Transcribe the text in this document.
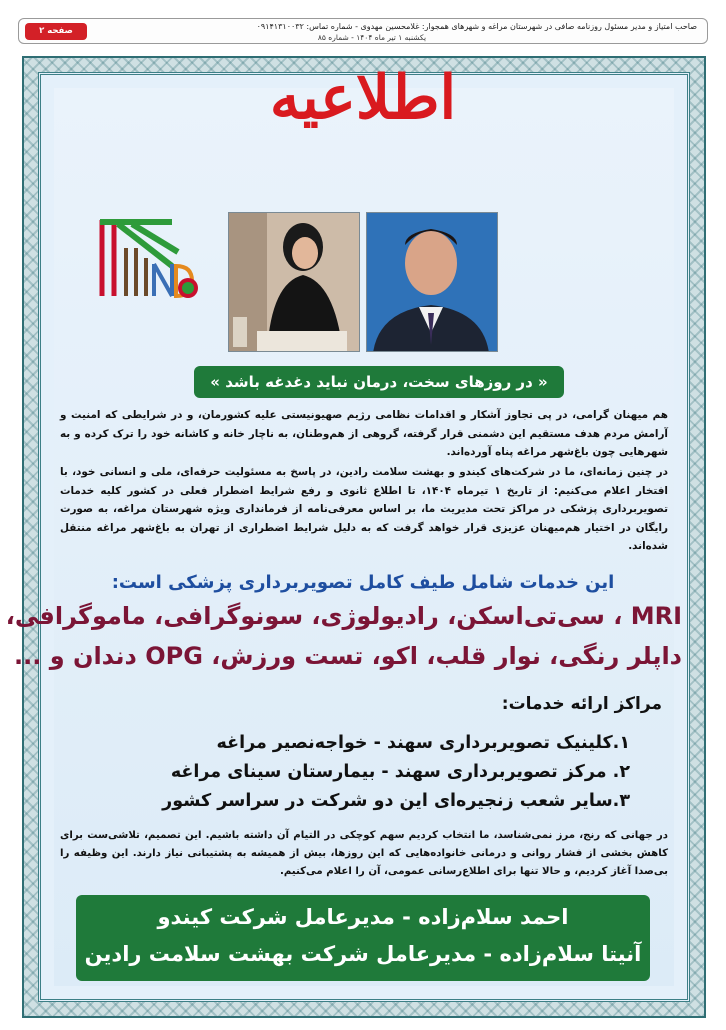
صاحب امتیاز و مدیر مسئول روزنامه صافی در شهرستان مراغه و شهرهای همجوار: غلامحسین مهدوی - شماره تماس: ۰۹۱۴۱۳۱۰۰۳۲
یکشنبه ۱ تیر ماه ۱۴۰۴ - شماره ۸۵
صفحه ۲
اطلاعیه
« در روزهای سخت، درمان نباید دغدغه باشد »
هم میهنان گرامی، در پی تجاوز آشکار و اقدامات نظامی رژیم صهیونیستی علیه کشورمان، و در شرایطی که امنیت و آرامش مردم هدف مستقیم این دشمنی قرار گرفته، گروهی از هم‌وطنان، به ناچار خانه و کاشانه خود را ترک کرده و به شهرهایی چون باغ‌شهر مراغه پناه آورده‌اند.
در چنین زمانه‌ای، ما در شرکت‌های کیندو و بهشت سلامت رادین، در پاسخ به مسئولیت حرفه‌ای، ملی و انسانی خود، با افتخار اعلام می‌کنیم: از تاریخ ۱ تیرماه ۱۴۰۴، تا اطلاع ثانوی و رفع شرایط اضطرار فعلی در کشور کلیه خدمات تصویربرداری پزشکی در مراکز تحت مدیریت ما، بر اساس معرفی‌نامه از فرمانداری ویژه شهرستان مراغه، به صورت رایگان در اختیار هم‌میهنان عزیزی قرار خواهد گرفت که به دلیل شرایط اضطراری از تهران به باغ‌شهر مراغه منتقل شده‌اند.
این خدمات شامل طیف کامل تصویربرداری پزشکی است:
MRI ، سی‌تی‌اسکن، رادیولوژی، سونوگرافی، ماموگرافی،
داپلر رنگی، نوار قلب، اکو، تست ورزش، OPG دندان و ...
مراکز ارائه خدمات:
۱.کلینیک تصویربرداری سهند - خواجه‌نصیر مراغه
۲. مرکز تصویربرداری سهند - بیمارستان سینای مراغه
۳.سایر شعب زنجیره‌ای این دو شرکت در سراسر کشور
در جهانی که رنج، مرز نمی‌شناسد، ما انتخاب کردیم سهم کوچکی در التیام آن داشته باشیم. این تصمیم، تلاشی‌ست برای کاهش بخشی از فشار روانی و درمانی خانواده‌هایی که این روزها، بیش از همیشه به پشتیبانی نیاز دارند. این وظیفه را بی‌صدا آغاز کردیم، و حالا تنها برای اطلاع‌رسانی عمومی، آن را اعلام می‌کنیم.
احمد سلام‌زاده - مدیرعامل شرکت کیندو
آنیتا سلام‌زاده - مدیرعامل شرکت بهشت سلامت رادین
